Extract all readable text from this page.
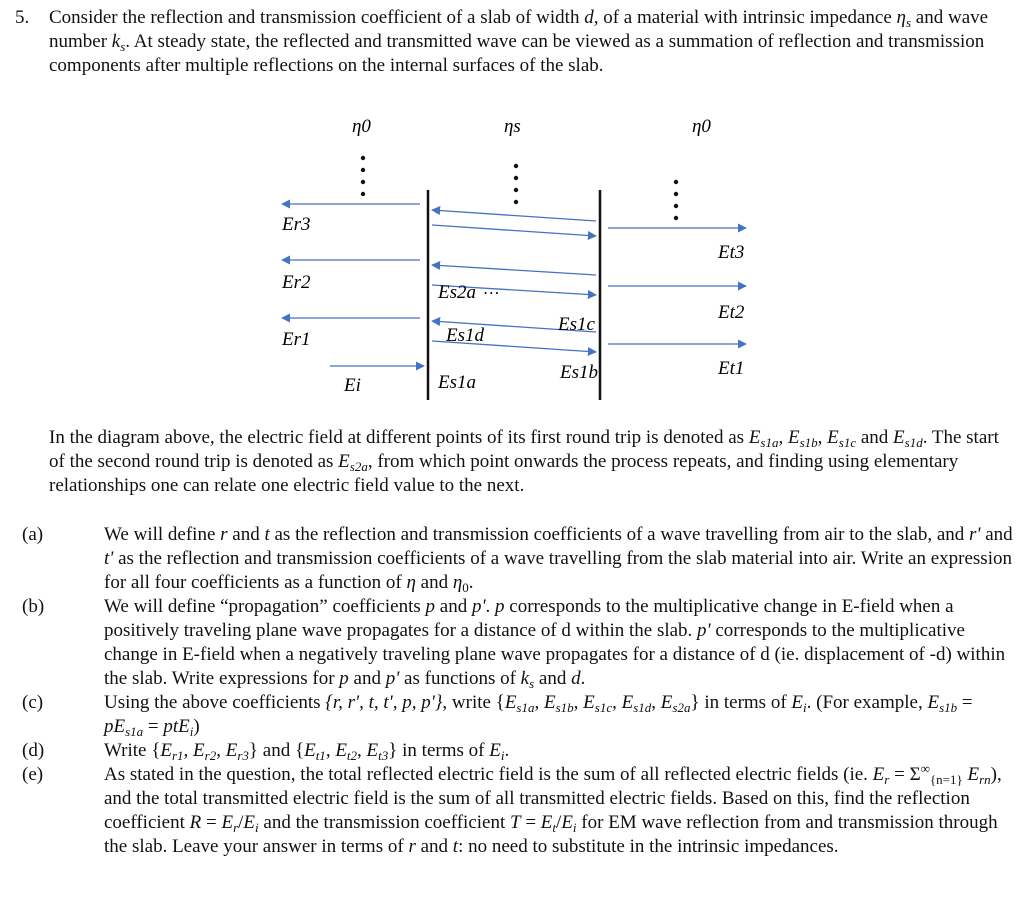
5. Consider the reflection and transmission coefficient of a slab of width d, of a material with intrinsic impedance $\eta_s$ and wave number $k_s$. At steady state, the reflected and transmitted wave can be viewed as a summation of reflection and transmission components after multiple reflections on the internal surfaces of the slab.
η0	ηs	η0
Er3
Er2
Er1
Ei
Es2a …
Es1c
Es1d
Es1b
Es1a
Et3
Et2
Et1
In the diagram above, the electric field at different points of its first round trip is denoted as $E_{s1a}$, $E_{s1b}$, $E_{s1c}$ and $E_{s1d}$. The start of the second round trip is denoted as $E_{s2a}$, from which point onwards the process repeats, and finding using elementary relationships one can relate one electric field value to the next.
(a)	We will define r and t as the reflection and transmission coefficients of a wave travelling from air to the slab, and r' and t' as the reflection and transmission coefficients of a wave travelling from the slab material into air. Write an expression for all four coefficients as a function of η and $\eta_0$.
(b)	We will define “propagation” coefficients p and p'. p corresponds to the multiplicative change in E-field when a positively traveling plane wave propagates for a distance of d within the slab. p' corresponds to the multiplicative change in E-field when a negatively traveling plane wave propagates for a distance of d (ie. displacement of -d) within the slab. Write expressions for p and p' as functions of $k_s$ and d.
(c)	Using the above coefficients {r, r', t, t', p, p'}, write {$E_{s1a}$, $E_{s1b}$, $E_{s1c}$, $E_{s1d}$, $E_{s2a}$} in terms of $E_i$. (For example, $E_{s1b} = pE_{s1a} = ptE_i$)
(d)	Write {$E_{r1}$, $E_{r2}$, $E_{r3}$} and {$E_{t1}$, $E_{t2}$, $E_{t3}$} in terms of $E_i$.
(e)	As stated in the question, the total reflected electric field is the sum of all reflected electric fields (ie. $E_r = \Sigma^\infty_{\{n=1\}}$ $E_{rn}$), and the total transmitted electric field is the sum of all transmitted electric fields. Based on this, find the reflection coefficient $R = E_r/E_i$ and the transmission coefficient $T = E_t/E_i$ for EM wave reflection from and transmission through the slab. Leave your answer in terms of r and t: no need to substitute in the intrinsic impedances.
